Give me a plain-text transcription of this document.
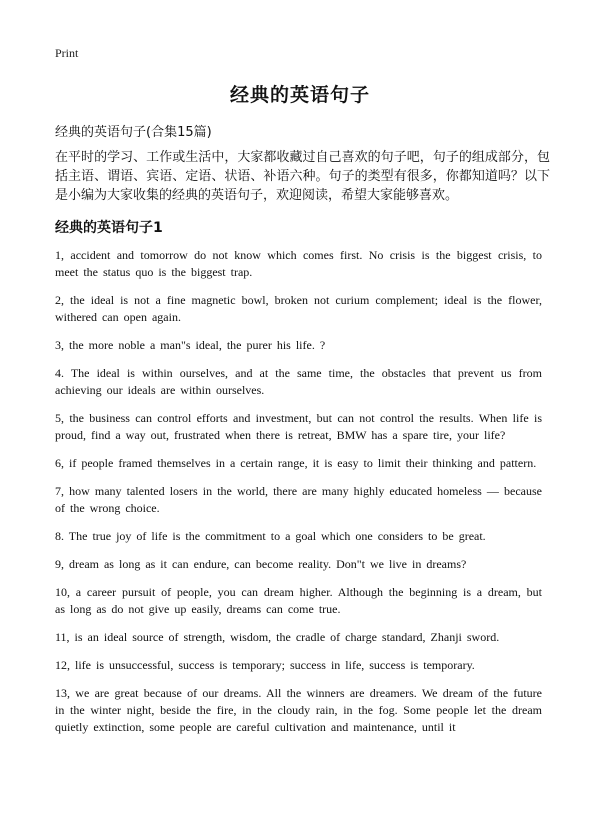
Print
经典的英语句子
经典的英语句子(合集15篇)
在平时的学习、工作或生活中，大家都收藏过自己喜欢的句子吧，句子的组成部分，包括主语、谓语、宾语、定语、状语、补语六种。句子的类型有很多，你都知道吗？以下是小编为大家收集的经典的英语句子，欢迎阅读，希望大家能够喜欢。
经典的英语句子1
1, accident and tomorrow do not know which comes first. No crisis is the biggest crisis, to meet the status quo is the biggest trap.
2, the ideal is not a fine magnetic bowl, broken not curium complement; ideal is the flower, withered can open again.
3, the more noble a man"s ideal, the purer his life. ?
4. The ideal is within ourselves, and at the same time, the obstacles that prevent us from achieving our ideals are within ourselves.
5, the business can control efforts and investment, but can not control the results. When life is proud, find a way out, frustrated when there is retreat, BMW has a spare tire, your life?
6, if people framed themselves in a certain range, it is easy to limit their thinking and pattern.
7, how many talented losers in the world, there are many highly educated homeless — because of the wrong choice.
8. The true joy of life is the commitment to a goal which one considers to be great.
9, dream as long as it can endure, can become reality. Don"t we live in dreams?
10, a career pursuit of people, you can dream higher. Although the beginning is a dream, but as long as do not give up easily, dreams can come true.
11, is an ideal source of strength, wisdom, the cradle of charge standard, Zhanji sword.
12, life is unsuccessful, success is temporary; success in life, success is temporary.
13, we are great because of our dreams. All the winners are dreamers. We dream of the future in the winter night, beside the fire, in the cloudy rain, in the fog. Some people let the dream quietly extinction, some people are careful cultivation and maintenance, until it
